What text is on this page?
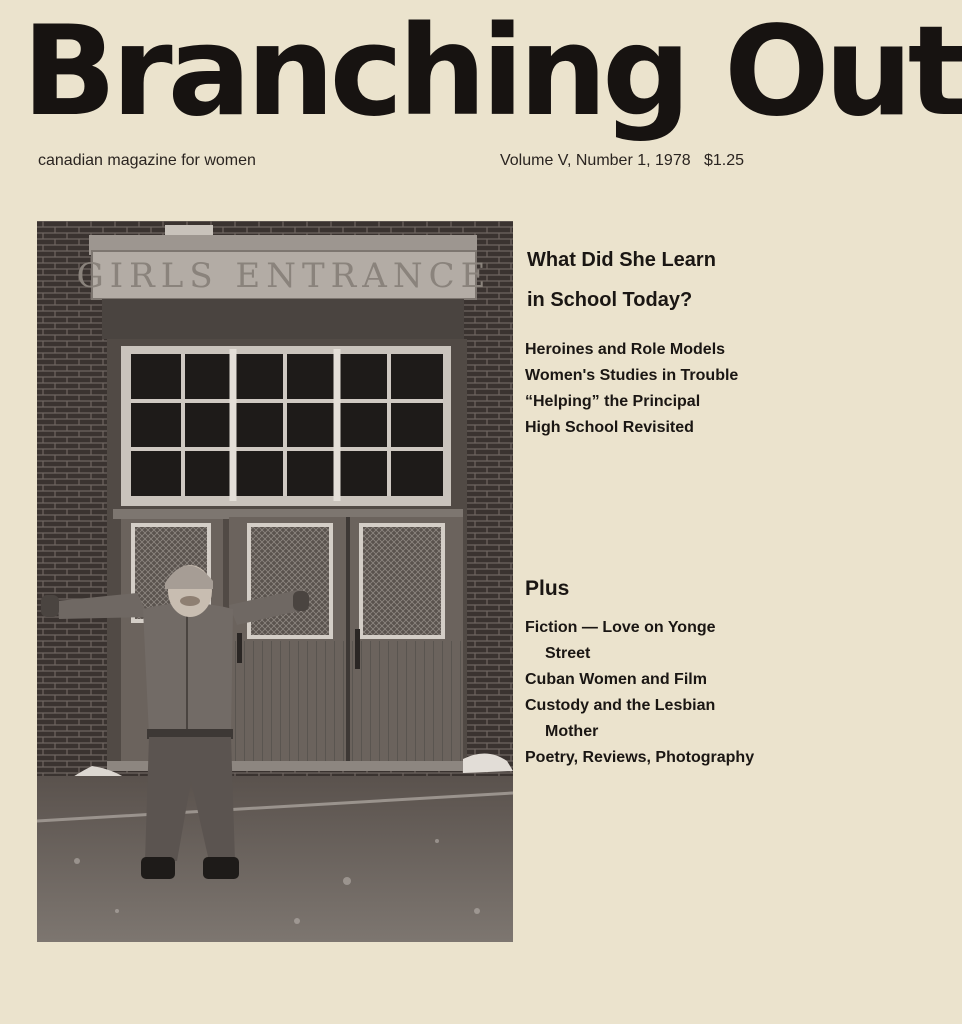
Branching Out
canadian magazine for women	Volume V, Number 1, 1978 $1.25
GIRLS ENTRANCE What Did She Learn
in School Today?
Heroines and Role Models
Women's Studies in Trouble
“Helping” the Principal
High School Revisited
Plus
Fiction — Love on Yonge Street
Cuban Women and Film
Custody and the Lesbian Mother
Poetry, Reviews, Photography
